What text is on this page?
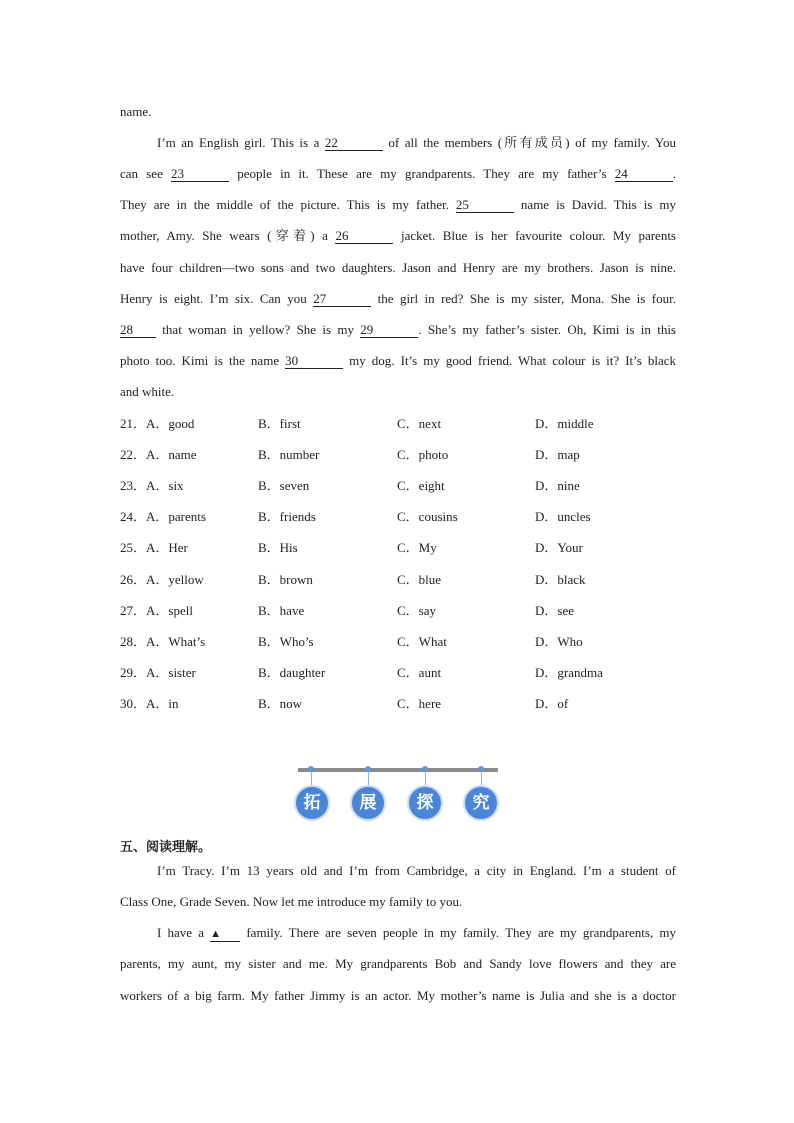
name.
I’m an English girl. This is a 22	of all the members (所有成员) of my family. You
can see 23	people in it. These are my grandparents. They are my father’s 24	.
They are in the middle of the picture. This is my father. 25	name is David. This is my
mother, Amy. She wears (穿着) a 26	jacket. Blue is her favourite colour. My parents
have four children—two sons and two daughters. Jason and Henry are my brothers. Jason is nine.
Henry is eight. I’m six. Can you 27	the girl in red? She is my sister, Mona. She is four.
28 that woman in yellow? She is my 29	. She’s my father’s sister. Oh, Kimi is in this
photo too. Kimi is the name 30	my dog. It’s my good friend. What colour is it? It’s black
and white.
21．A．good	B．first	C．next	D．middle
22．A．name	B．number	C．photo	D．map
23．A．six	B．seven	C．eight	D．nine
24．A．parents	B．friends	C．cousins	D．uncles
25．A．Her	B．His	C．My	D．Your
26．A．yellow	B．brown	C．blue	D．black
27．A．spell	B．have	C．say	D．see
28．A．What’s	B．Who’s	C．What	D．Who
29．A．sister	B．daughter	C．aunt	D．grandma
30．A．in	B．now	C．here	D．of
拓	展	探	究
五、阅读理解。
I’m Tracy. I’m 13 years old and I’m from Cambridge, a city in England. I’m a student of
Class One, Grade Seven. Now let me introduce my family to you.
I have a ▲ family. There are seven people in my family. They are my grandparents, my
parents, my aunt, my sister and me. My grandparents Bob and Sandy love flowers and they are
workers of a big farm. My father Jimmy is an actor. My mother’s name is Julia and she is a doctor
